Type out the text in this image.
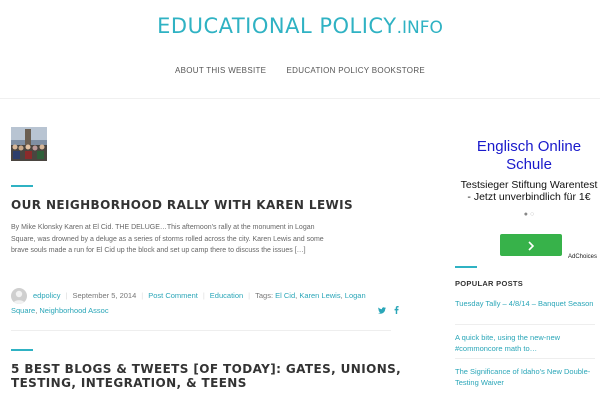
EDUCATIONAL POLICY.INFO
ABOUT THIS WEBSITE	EDUCATION POLICY BOOKSTORE
OUR NEIGHBORHOOD RALLY WITH KAREN LEWIS

By Mike Klonsky Karen at El Cid. THE DELUGE…This afternoon's rally at the monument in Logan Square, was drowned by a deluge as a series of storms rolled across the city. Karen Lewis and some brave souls made a run for El Cid up the block and set up camp there to discuss the issues […]

edpolicy | September 5, 2014 | Post Comment | Education | Tags: El Cid, Karen Lewis, Logan Square, Neighborhood Assoc

5 BEST BLOGS & TWEETS [OF TODAY]: GATES, UNIONS,
TESTING, INTEGRATION, & TEENS
Englisch Online Schule
Testsieger Stiftung Warentest - Jetzt unverbindlich für 1€
● ○
AdChoices
POPULAR POSTS
Tuesday Tally – 4/8/14 – Banquet Season
A quick bite, using the new-new #commoncore math to…
The Significance of Idaho's New Double-Testing Waiver
